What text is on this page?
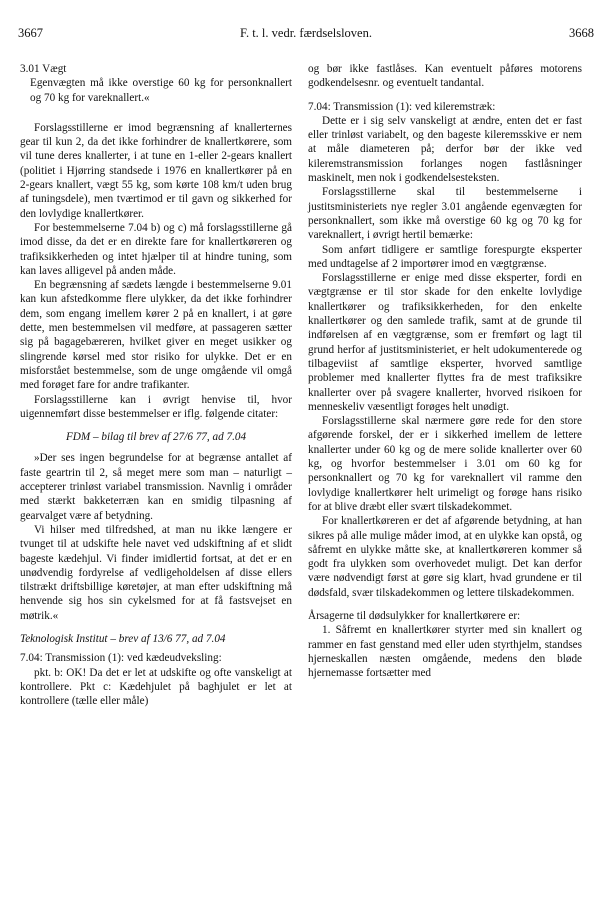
3667	F. t. l. vedr. færdselsloven.	3668

3.01 Vægt

Egenvægten må ikke overstige 60 kg for personknallert og 70 kg for vareknallert.«

Forslagsstillerne er imod begrænsning af knallerternes gear til kun 2, da det ikke forhindrer de knallertkørere, som vil tune deres knallerter, i at tune en 1-eller 2-gears knallert (politiet i Hjørring standsede i 1976 en knallertkører på en 2-gears knallert, vægt 55 kg, som kørte 108 km/t uden brug af tuningsdele), men tværtimod er til gavn og sikkerhed for den lovlydige knallertkører.

For bestemmelserne 7.04 b) og c) må forslagsstillerne gå imod disse, da det er en direkte fare for knallertkøreren og trafiksikkerheden og intet hjælper til at hindre tuning, som kan laves alligevel på anden måde.

En begrænsning af sædets længde i bestemmelserne 9.01 kan kun afstedkomme flere ulykker, da det ikke forhindrer dem, som engang imellem kører 2 på en knallert, i at gøre dette, men bestemmelsen vil medføre, at passageren sætter sig på bagagebæreren, hvilket giver en meget usikker og slingrende kørsel med stor risiko for ulykke. Det er en misforstået bestemmelse, som de unge omgående vil omgå med forøget fare for andre trafikanter.

Forslagsstillerne kan i øvrigt henvise til, hvor uigennemført disse bestemmelser er iflg. følgende citater:

FDM – bilag til brev af 27/6 77, ad 7.04

»Der ses ingen begrundelse for at begrænse antallet af faste geartrin til 2, så meget mere som man – naturligt – accepterer trinløst variabel transmission. Navnlig i områder med stærkt bakketerræn kan en smidig tilpasning af gearvalget være af betydning.

Vi hilser med tilfredshed, at man nu ikke længere er tvunget til at udskifte hele navet ved udskiftning af et slidt bageste kædehjul. Vi finder imidlertid fortsat, at det er en unødvendig fordyrelse af vedligeholdelsen af disse ellers tilstrækt driftsbillige køretøjer, at man efter udskiftning må henvende sig hos sin cykelsmed for at få fastsvejset en møtrik.«

Teknologisk Institut – brev af 13/6 77, ad 7.04

7.04: Transmission (1): ved kædeudveksling:

pkt. b: OK! Da det er let at udskifte og ofte vanskeligt at kontrollere. Pkt c: Kædehjulet på baghjulet er let at kontrollere (tælle eller måle)

og bør ikke fastlåses. Kan eventuelt påføres motorens godkendelsesnr. og eventuelt tandantal.

7.04: Transmission (1): ved kileremstræk:

Dette er i sig selv vanskeligt at ændre, enten det er fast eller trinløst variabelt, og den bageste kileremsskive er nem at måle diameteren på; derfor bør der ikke ved kileremstransmission forlanges nogen fastlåsninger maskinelt, men nok i godkendelsesteksten.

Forslagsstillerne skal til bestemmelserne i justitsministeriets nye regler 3.01 angående egenvægten for personknallert, som ikke må overstige 60 kg og 70 kg for vareknallert, i øvrigt hertil bemærke:

Som anført tidligere er samtlige forespurgte eksperter med undtagelse af 2 importører imod en vægtgrænse.

Forslagsstillerne er enige med disse eksperter, fordi en vægtgrænse er til stor skade for den enkelte lovlydige knallertkører og trafiksikkerheden, for den enkelte knallertkører og den samlede trafik, samt at de grunde til indførelsen af en vægtgrænse, som er fremført og lagt til grund herfor af justitsministeriet, er helt udokumenterede og tilbageviist af samtlige eksperter, hvorved samtlige problemer med knallerter flyttes fra de mest trafiksikre knallerter over på svagere knallerter, hvorved risikoen for menneskeliv væsentligt forøges helt unødigt.

Forslagsstillerne skal nærmere gøre rede for den store afgørende forskel, der er i sikkerhed imellem de lettere knallerter under 60 kg og de mere solide knallerter over 60 kg, og hvorfor bestemmelser i 3.01 om 60 kg for personknallert og 70 kg for vareknallert vil ramme den lovlydige knallertkører helt urimeligt og forøge hans risiko for at blive dræbt eller svært tilskadekommet.

For knallertkøreren er det af afgørende betydning, at han sikres på alle mulige måder imod, at en ulykke kan opstå, og såfremt en ulykke måtte ske, at knallertkøreren kommer så godt fra ulykken som overhovedet muligt. Det kan derfor være nødvendigt først at gøre sig klart, hvad grundene er til dødsfald, svær tilskadekommen og lettere tilskadekommen.

Årsagerne til dødsulykker for knallertkørere er:

1. Såfremt en knallertkører styrter med sin knallert og rammer en fast genstand med eller uden styrthjelm, standses hjerneskallen næsten omgående, medens den bløde hjernemasse fortsætter med
